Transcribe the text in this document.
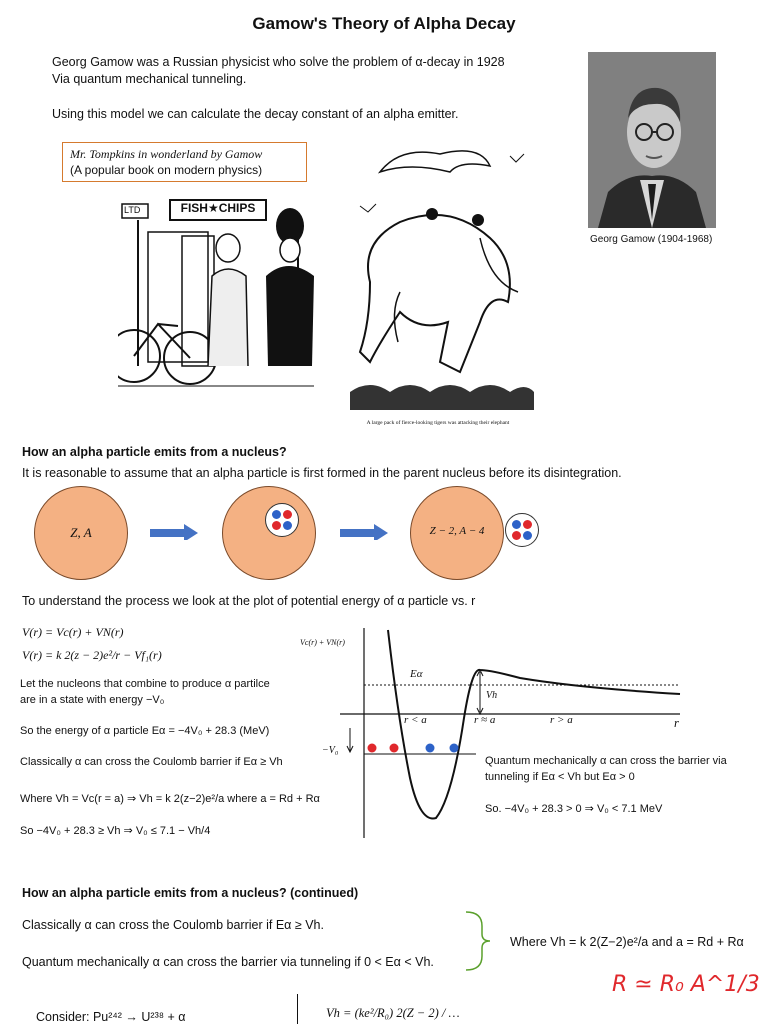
Gamow's Theory of Alpha Decay
Georg Gamow was a Russian physicist who solve the problem of α-decay in 1928
Via quantum mechanical tunneling.
Using this model we can calculate the decay constant of an alpha emitter.
Mr. Tompkins in wonderland by Gamow
(A popular book on modern physics)
Georg Gamow (1904-1968)
FISH★CHIPS
LTD
A large pack of fierce-looking tigers was attacking their elephant
How an alpha particle emits from a nucleus?
It is reasonable to assume that an alpha particle is first formed in the parent nucleus before its disintegration.
Z, A	Z − 2, A − 4
To understand the process we look at the plot of potential energy of α particle vs. r
V(r) = Vc(r) + VN(r)
V(r) = k 2(z − 2)e²/r − Vf₁(r)
Let the nucleons that combine to produce α partilce
are in a state with energy −V₀
So the energy of α particle Eα = −4V₀ + 28.3 (MeV)
Classically α can cross the Coulomb barrier if Eα ≥ Vh
Where Vh = Vc(r = a) ⇒ Vh = k 2(z−2)e²/a where a = Rd + Rα
So −4V₀ + 28.3 ≥ Vh ⇒ V₀ ≤ 7.1 − Vh/4
Vc(r) + VN(r)
Eα
Vh
−V₀
r < a	r ≈ a	r > a	r
Quantum mechanically α can cross the barrier via
tunneling if Eα < Vh but Eα > 0
So. −4V₀ + 28.3 > 0 ⇒ V₀ < 7.1 MeV
How an alpha particle emits from a nucleus? (continued)
Classically α can cross the Coulomb barrier if Eα ≥ Vh.
Quantum mechanically α can cross the barrier via tunneling if 0 < Eα < Vh.
Where Vh = k 2(Z−2)e²/a and a = Rd + Rα
R ≃ R₀ A^1/3
Consider: Pu²⁴² → U²³⁸ + α	Vh = (ke²/R₀) 2(Z − 2) / …
